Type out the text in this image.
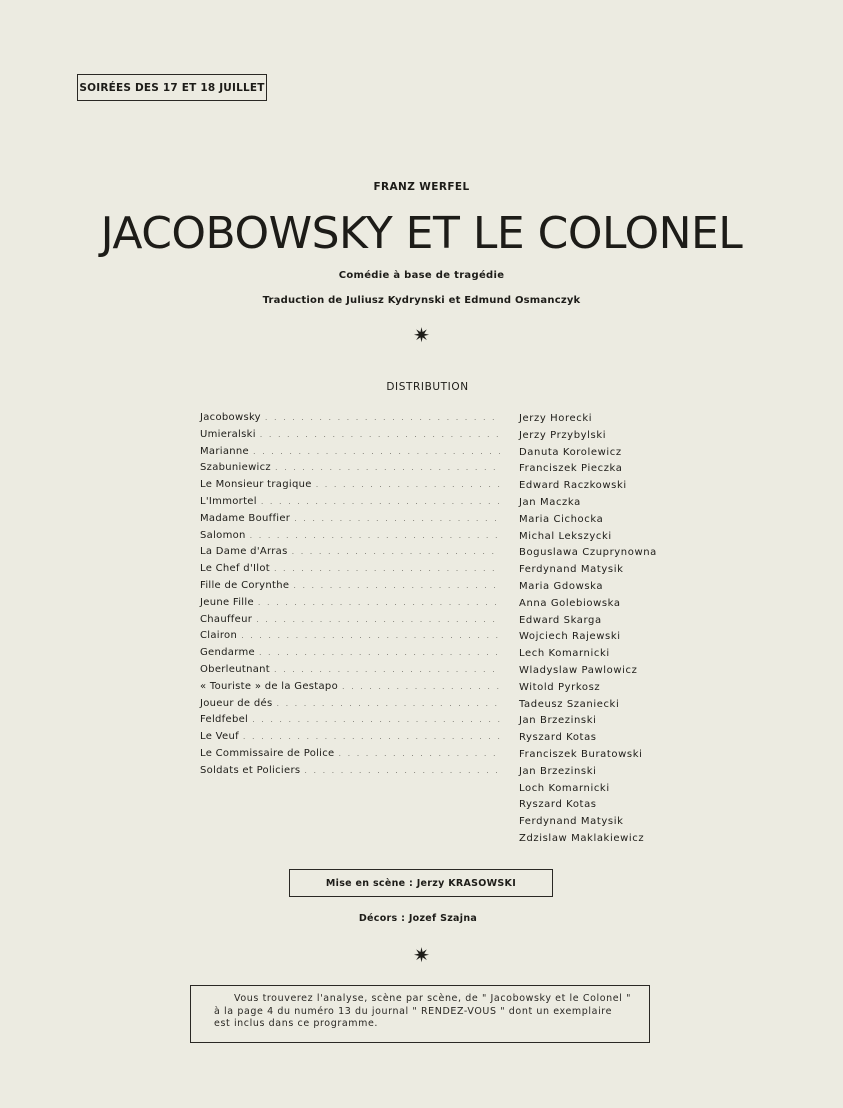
SOIRÉES DES 17 ET 18 JUILLET
FRANZ WERFEL
JACOBOWSKY ET LE COLONEL
Comédie à base de tragédie
Traduction de Juliusz Kydrynski et Edmund Osmanczyk
✷
DISTRIBUTION
Jacobowsky
. . .
Umieralski
. . .
Marianne
. . .
Szabuniewicz
. . .
Le Monsieur tragique
. . .
L'Immortel
. . .
Madame Bouffier
. . .
Salomon
. . .
La Dame d'Arras
. . .
Le Chef d'Ilot
. . .
Fille de Corynthe
. . .
Jeune Fille
. . .
Chauffeur
. . .
Clairon
. . .
Gendarme
. . .
Oberleutnant
. . .
« Touriste » de la Gestapo
. . .
Joueur de dés
. . .
Feldfebel
. . .
Le Veuf
. . .
Le Commissaire de Police
. . .
Soldats et Policiers
. . .
Jerzy Horecki
Jerzy Przybylski
Danuta Korolewicz
Franciszek Pieczka
Edward Raczkowski
Jan Maczka
Maria Cichocka
Michal Lekszycki
Boguslawa Czuprynowna
Ferdynand Matysik
Maria Gdowska
Anna Golebiowska
Edward Skarga
Wojciech Rajewski
Lech Komarnicki
Wladyslaw Pawlowicz
Witold Pyrkosz
Tadeusz Szaniecki
Jan Brzezinski
Ryszard Kotas
Franciszek Buratowski
Jan Brzezinski
Loch Komarnicki
Ryszard Kotas
Ferdynand Matysik
Zdzislaw Maklakiewicz
Mise en scène : Jerzy KRASOWSKI
Décors : Jozef Szajna
✷
Vous trouverez l'analyse, scène par scène, de " Jacobowsky et le Colonel "
à la page 4 du numéro 13 du journal " RENDEZ-VOUS " dont un exemplaire
est inclus dans ce programme.
